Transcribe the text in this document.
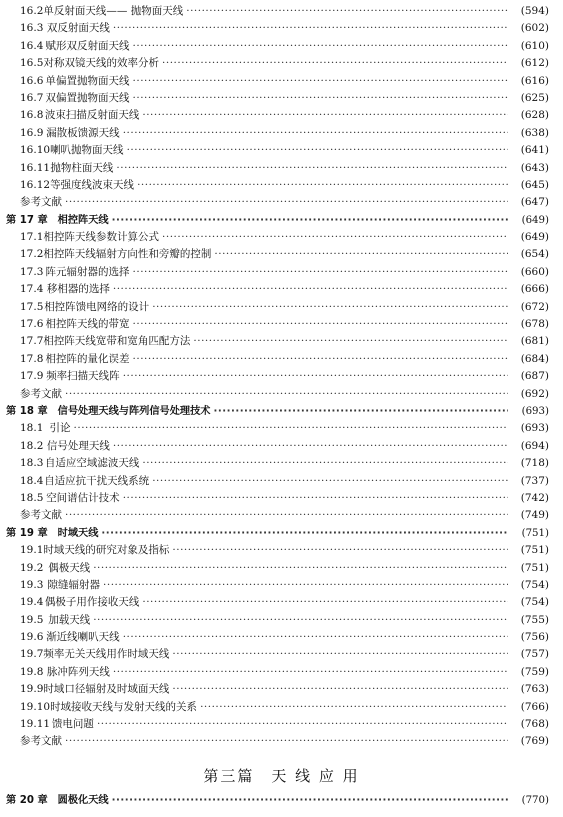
16.2 单反射面天线—— 抛物面天线 ·····	(594)
16.3 双反射面天线 ·····	(602)
16.4 赋形双反射面天线 ·····	(610)
16.5 对称双镜天线的效率分析 ·····	(612)
16.6 单偏置抛物面天线 ·····	(616)
16.7 双偏置抛物面天线 ·····	(625)
16.8 波束扫描反射面天线 ·····	(628)
16.9 漏散板馈源天线 ·····	(638)
16.10 喇叭抛物面天线 ·····	(641)
16.11 抛物柱面天线 ·····	(643)
16.12 等强度线波束天线 ·····	(645)
参考文献 ·····	(647)
第 17 章 相控阵天线 ·····	(649)
17.1 相控阵天线参数计算公式 ·····	(649)
17.2 相控阵天线辐射方向性和旁瓣的控制 ·····	(654)
17.3 阵元辐射器的选择 ·····	(660)
17.4 移相器的选择 ·····	(666)
17.5 相控阵馈电网络的设计 ·····	(672)
17.6 相控阵天线的带宽 ·····	(678)
17.7 相控阵天线宽带和宽角匹配方法 ·····	(681)
17.8 相控阵的量化误差 ·····	(684)
17.9 频率扫描天线阵 ·····	(687)
参考文献 ·····	(692)
第 18 章 信号处理天线与阵列信号处理技术 ·····	(693)
18.1 引论 ·····	(693)
18.2 信号处理天线 ·····	(694)
18.3 自适应空域滤波天线 ·····	(718)
18.4 自适应抗干扰天线系统 ·····	(737)
18.5 空间谱估计技术 ·····	(742)
参考文献 ·····	(749)
第 19 章 时域天线 ·····	(751)
19.1 时域天线的研究对象及指标 ·····	(751)
19.2 偶极天线 ·····	(751)
19.3 隙缝辐射器 ·····	(754)
19.4 偶极子用作接收天线 ·····	(754)
19.5 加载天线 ·····	(755)
19.6 渐近线喇叭天线 ·····	(756)
19.7 频率无关天线用作时域天线 ·····	(757)
19.8 脉冲阵列天线 ·····	(759)
19.9 时域口径辐射及时域面天线 ·····	(763)
19.10 时域接收天线与发射天线的关系 ·····	(766)
19.11 馈电问题 ·····	(768)
参考文献 ·····	(769)
第三篇　天 线 应 用
第 20 章 圆极化天线 ·····	(770)
